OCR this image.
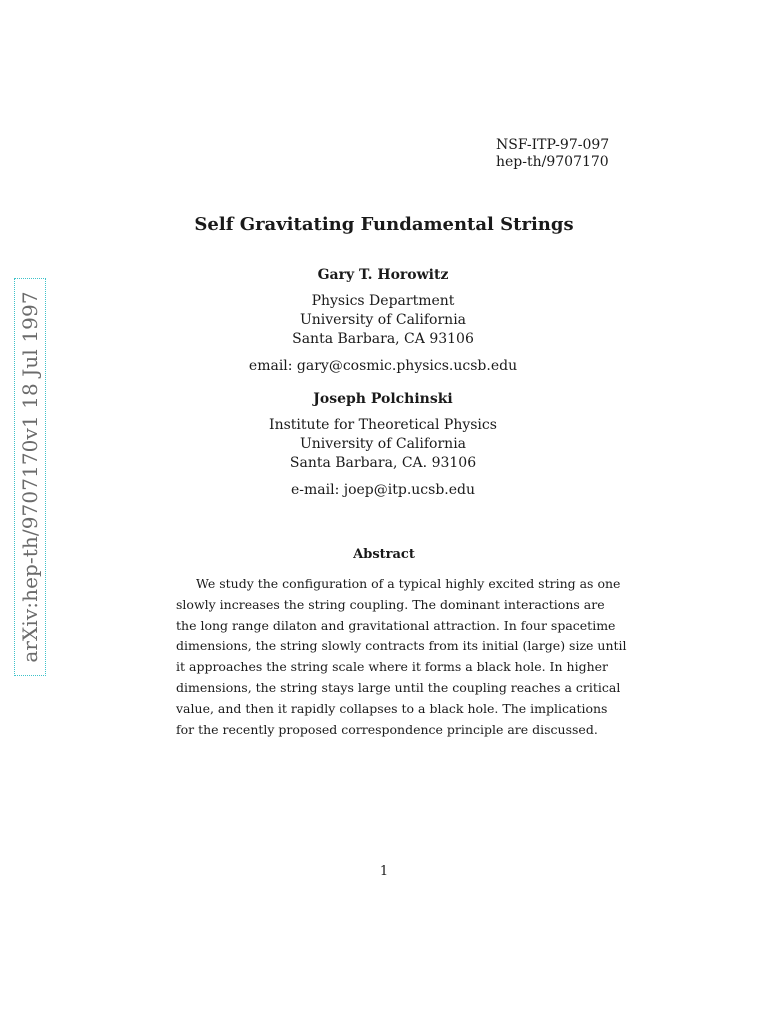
NSF-ITP-97-097
hep-th/9707170
arXiv:hep-th/9707170v1 18 Jul 1997
Self Gravitating Fundamental Strings
Gary T. Horowitz
Physics Department
University of California
Santa Barbara, CA 93106
email: gary@cosmic.physics.ucsb.edu
Joseph Polchinski
Institute for Theoretical Physics
University of California
Santa Barbara, CA. 93106
e-mail: joep@itp.ucsb.edu
Abstract
We study the configuration of a typical highly excited string as one
slowly increases the string coupling. The dominant interactions are
the long range dilaton and gravitational attraction. In four spacetime
dimensions, the string slowly contracts from its initial (large) size until
it approaches the string scale where it forms a black hole. In higher
dimensions, the string stays large until the coupling reaches a critical
value, and then it rapidly collapses to a black hole. The implications
for the recently proposed correspondence principle are discussed.
1
